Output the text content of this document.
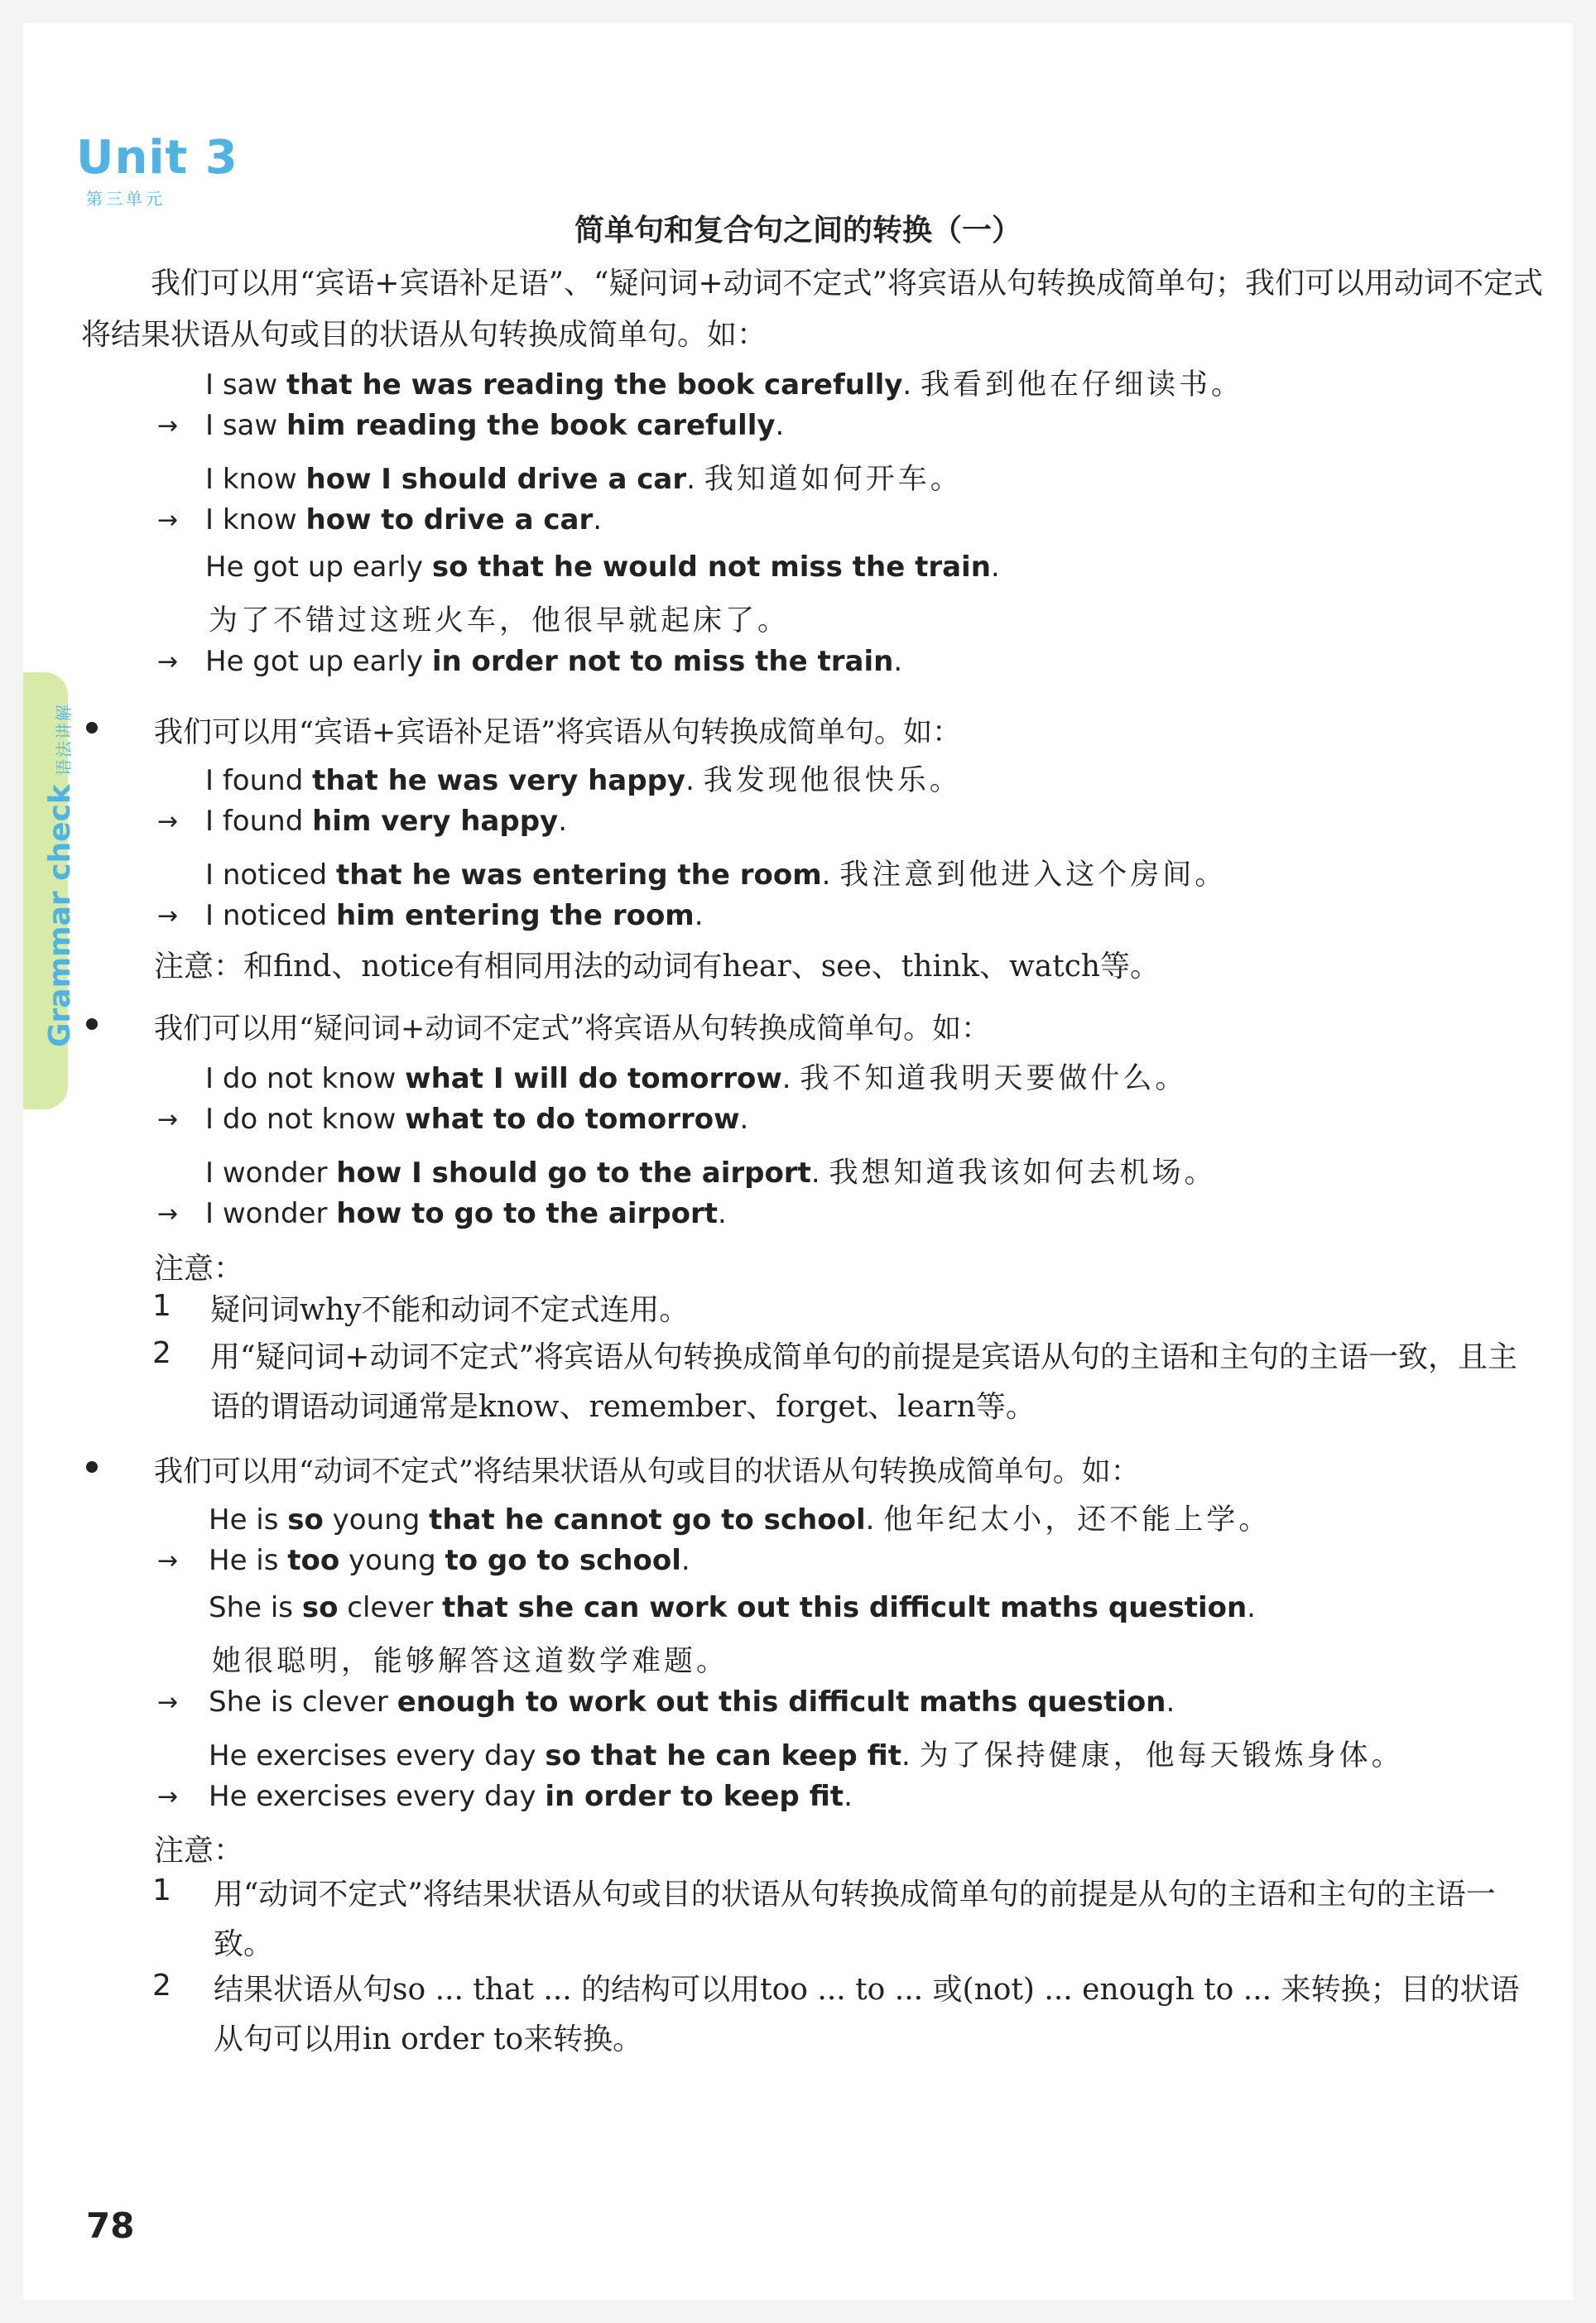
Unit 3
第三单元
简单句和复合句之间的转换（一）
Grammar check语法讲解
我们可以用“宾语+宾语补足语”、“疑问词+动词不定式”将宾语从句转换成简单句；我们可以用动词不定式将结果状语从句或目的状语从句转换成简单句。如：
I saw that he was reading the book carefully. 我看到他在仔细读书。
→ I saw him reading the book carefully.
I know how I should drive a car. 我知道如何开车。
→ I know how to drive a car.
He got up early so that he would not miss the train.
为了不错过这班火车，他很早就起床了。
→ He got up early in order not to miss the train.
我们可以用“宾语+宾语补足语”将宾语从句转换成简单句。如：
I found that he was very happy. 我发现他很快乐。
→ I found him very happy.
I noticed that he was entering the room. 我注意到他进入这个房间。
→ I noticed him entering the room.
注意：和find、notice有相同用法的动词有hear、see、think、watch等。
我们可以用“疑问词+动词不定式”将宾语从句转换成简单句。如：
I do not know what I will do tomorrow. 我不知道我明天要做什么。
→ I do not know what to do tomorrow.
I wonder how I should go to the airport. 我想知道我该如何去机场。
→ I wonder how to go to the airport.
注意：
1 疑问词why不能和动词不定式连用。
2 用“疑问词+动词不定式”将宾语从句转换成简单句的前提是宾语从句的主语和主句的主语一致，且主语的谓语动词通常是know、remember、forget、learn等。
我们可以用“动词不定式”将结果状语从句或目的状语从句转换成简单句。如：
He is so young that he cannot go to school. 他年纪太小，还不能上学。
→ He is too young to go to school.
She is so clever that she can work out this difficult maths question.
她很聪明，能够解答这道数学难题。
→ She is clever enough to work out this difficult maths question.
He exercises every day so that he can keep fit. 为了保持健康，他每天锻炼身体。
→ He exercises every day in order to keep fit.
注意：
1 用“动词不定式”将结果状语从句或目的状语从句转换成简单句的前提是从句的主语和主句的主语一致。
2 结果状语从句so ... that ... 的结构可以用too ... to ... 或(not) ... enough to ... 来转换；目的状语从句可以用in order to来转换。
78
